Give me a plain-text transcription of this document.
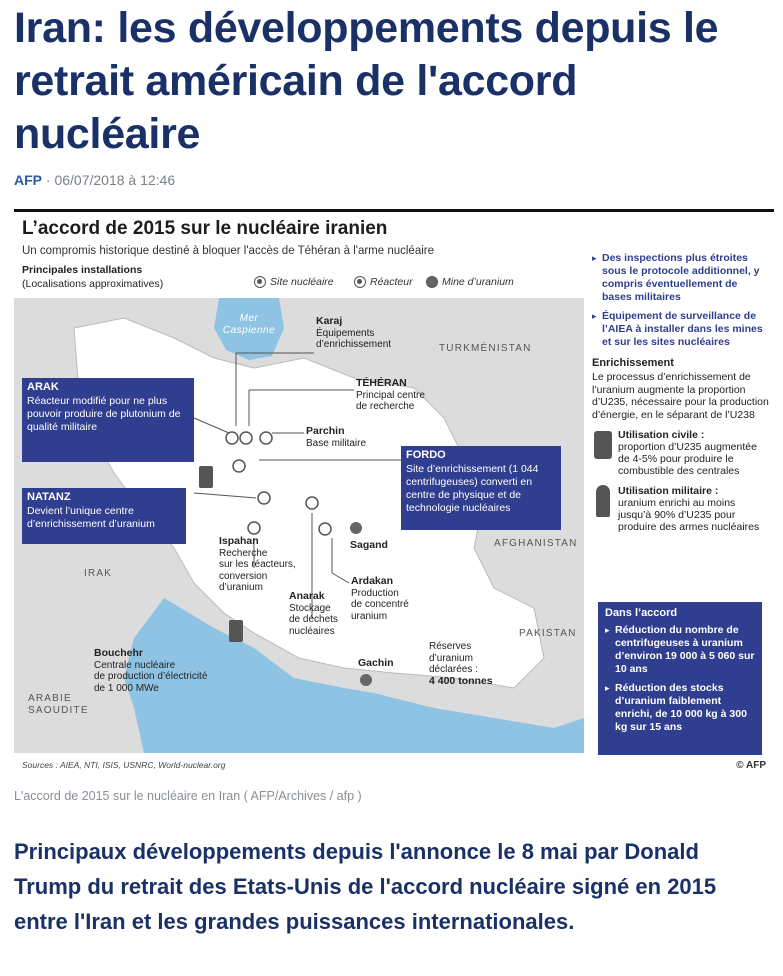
Iran: les développements depuis le retrait américain de l'accord nucléaire
AFP · 06/07/2018 à 12:46
L’accord de 2015 sur le nucléaire iranien
Un compromis historique destiné à bloquer l'accès de Téhéran à l'arme nucléaire
Principales installations
(Localisations approximatives)	Site nucléaire	Réacteur	Mine d’uranium
Mer Caspienne
TURKMÉNISTAN
AFGHANISTAN
PAKISTAN
IRAK
ARABIE
SAOUDITE
Karaj
Équipements
d’enrichissement
TÉHÉRAN
Principal centre
de recherche
Parchin
Base militaire
Ispahan
Recherche
sur les réacteurs,
conversion
d’uranium
Sagand
Anarak
Stockage
de déchets
nucléaires
Ardakan
Production
de concentré
uranium
Bouchehr
Centrale nucléaire
de production d’électricité
de 1 000 MWe
Gachin
Réserves
d’uranium
déclarées :
4 400 tonnes
ARAK
Réacteur modifié pour ne plus pouvoir produire de plutonium de qualité militaire
NATANZ
Devient l’unique centre d’enrichissement d’uranium
FORDO
Site d’enrichissement (1 044 centrifugeuses) converti en centre de physique et de technologie nucléaires
▸ Des inspections plus étroites sous le protocole additionnel, y compris éventuellement de bases militaires
▸ Équipement de surveillance de l’AIEA à installer dans les mines et sur les sites nucléaires
Enrichissement

Le processus d’enrichissement de l’uranium augmente la proportion d’U235, nécessaire pour la production d’énergie, en le séparant de l’U238

Utilisation civile :
proportion d’U235 augmentée de 4-5% pour produire le combustible des centrales
Utilisation militaire :
uranium enrichi au moins jusqu’à 90% d’U235 pour produire des armes nucléaires
Dans l’accord
▸ Réduction du nombre de centrifugeuses à uranium d’environ 19 000 à 5 060 sur 10 ans
▸ Réduction des stocks d’uranium faiblement enrichi, de 10 000 kg à 300 kg sur 15 ans
Sources : AIEA, NTI, ISIS, USNRC, World-nuclear.org	© AFP
L'accord de 2015 sur le nucléaire en Iran ( AFP/Archives / afp )

Principaux développements depuis l'annonce le 8 mai par Donald Trump du retrait des Etats-Unis de l'accord nucléaire signé en 2015 entre l'Iran et les grandes puissances internationales.
